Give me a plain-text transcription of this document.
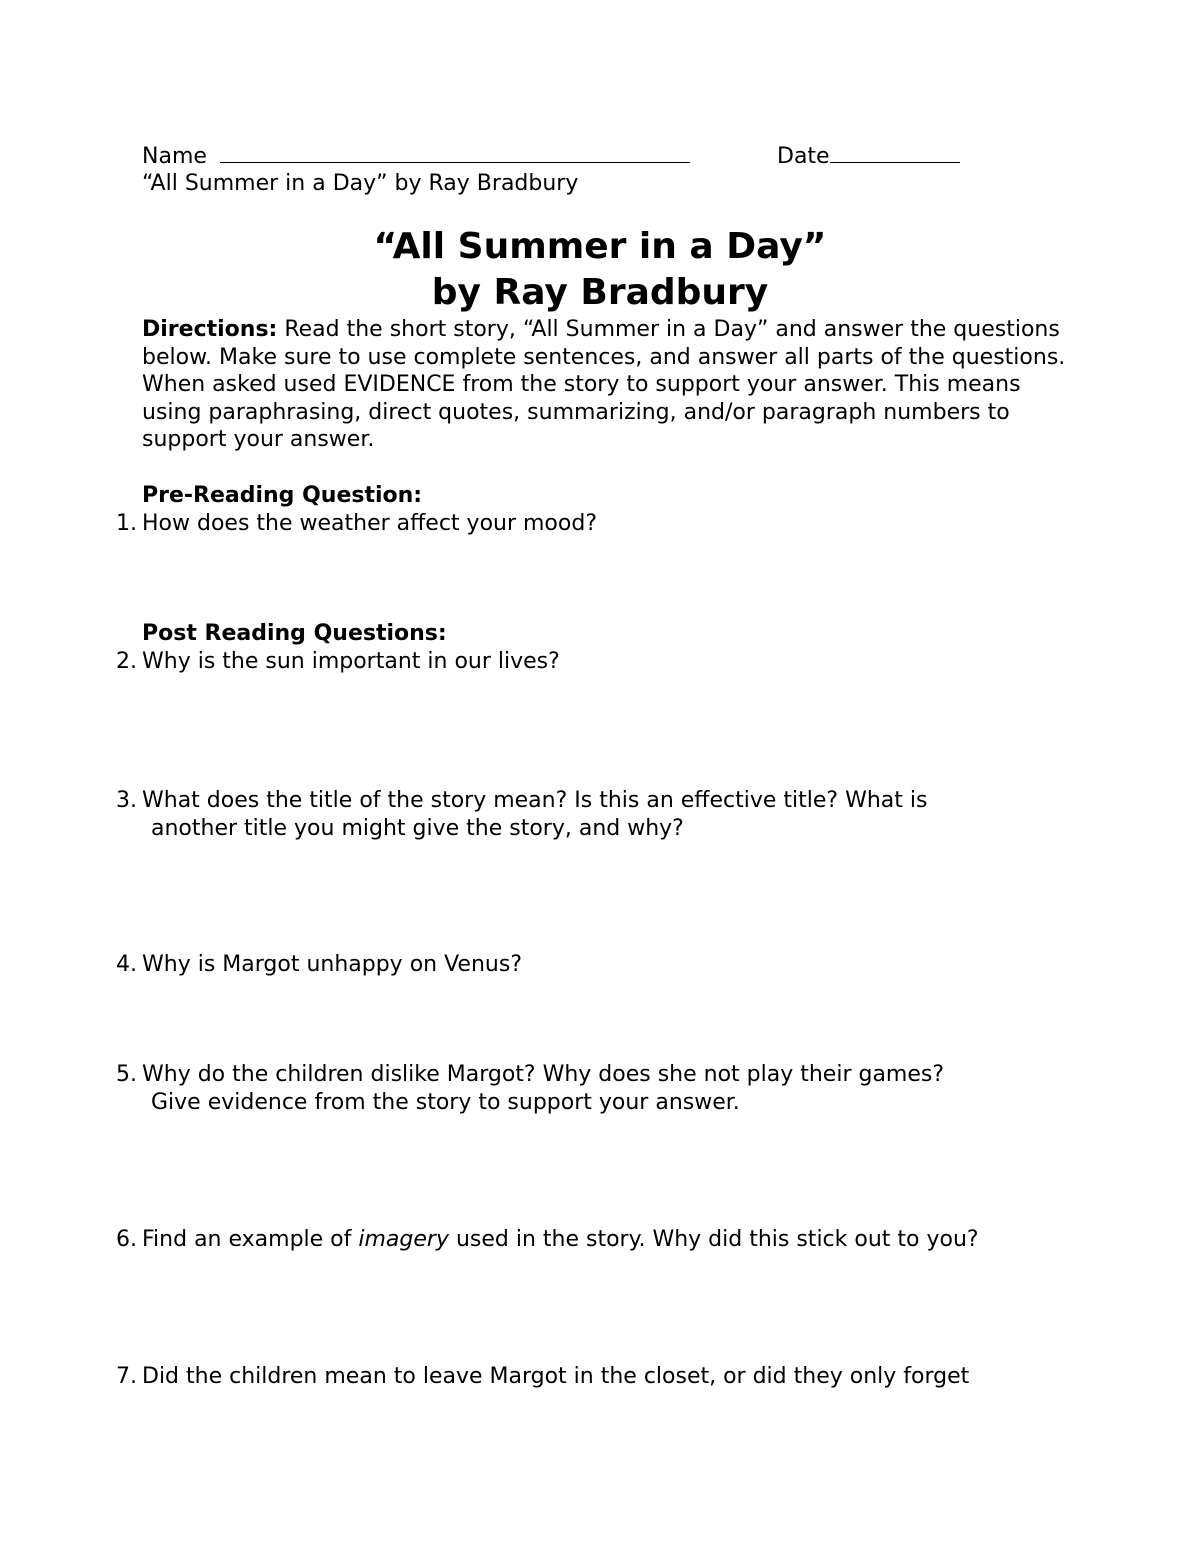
Name	Date
“All Summer in a Day” by Ray Bradbury
“All Summer in a Day”
by Ray Bradbury
Directions: Read the short story, “All Summer in a Day” and answer the questions below. Make sure to use complete sentences, and answer all parts of the questions. When asked used EVIDENCE from the story to support your answer. This means using paraphrasing, direct quotes, summarizing, and/or paragraph numbers to support your answer.
Pre-Reading Question:
1. How does the weather affect your mood?
Post Reading Questions:
2. Why is the sun important in our lives?
3. What does the title of the story mean? Is this an effective title? What is
another title you might give the story, and why?
4. Why is Margot unhappy on Venus?
5. Why do the children dislike Margot? Why does she not play their games?
Give evidence from the story to support your answer.
6. Find an example of imagery used in the story. Why did this stick out to you?
7. Did the children mean to leave Margot in the closet, or did they only forget
